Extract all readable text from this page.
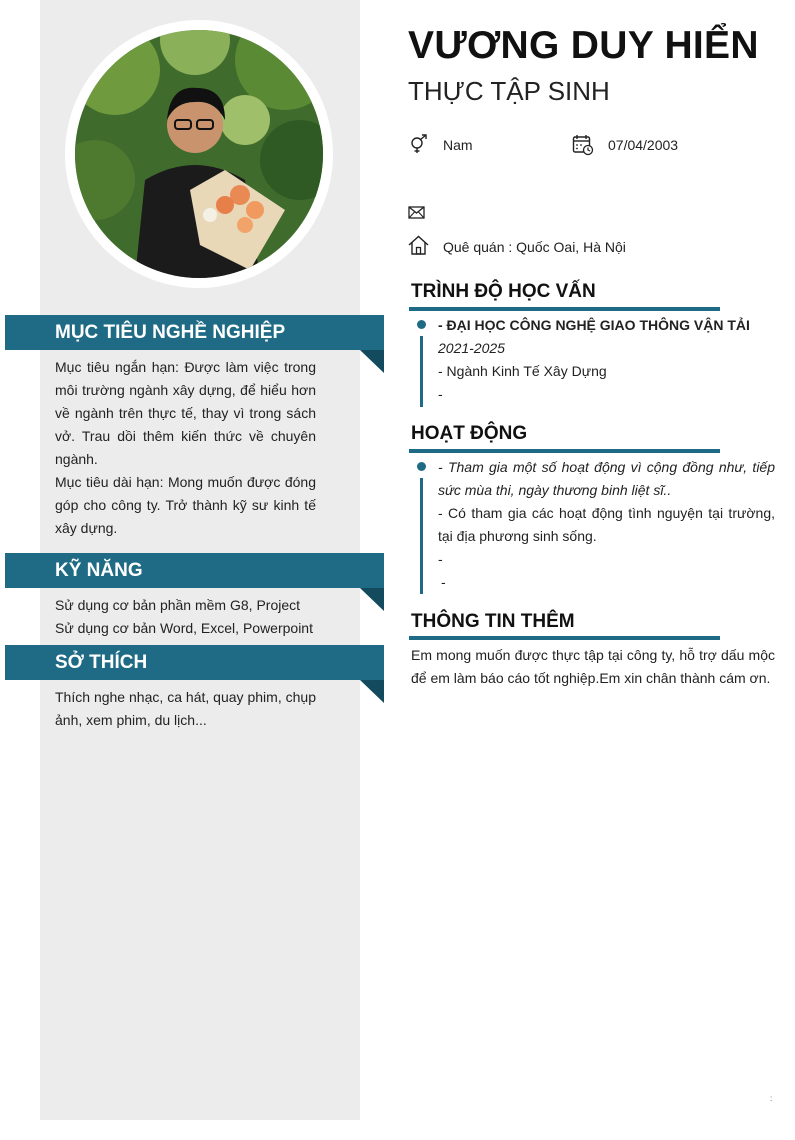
MỤC TIÊU NGHỀ NGHIỆP

Mục tiêu ngắn hạn: Được làm việc trong môi trường ngành xây dựng, để hiểu hơn về ngành trên thực tế, thay vì trong sách vở. Trau dồi thêm kiến thức về chuyên ngành.

Mục tiêu dài hạn: Mong muốn được đóng góp cho công ty. Trở thành kỹ sư kinh tế xây dựng.

KỸ NĂNG

Sử dụng cơ bản phần mềm G8, Project

Sử dụng cơ bản Word, Excel, Powerpoint

SỞ THÍCH

Thích nghe nhạc, ca hát, quay phim, chụp ảnh, xem phim, du lịch...

VƯƠNG DUY HIỂN
THỰC TẬP SINH
Nam	07/04/2003
Quê quán : Quốc Oai, Hà Nội
TRÌNH ĐỘ HỌC VẤN
- ĐẠI HỌC CÔNG NGHỆ GIAO THÔNG VẬN TẢI
2021-2025
- Ngành Kinh Tế Xây Dựng
-
HOẠT ĐỘNG
- Tham gia một số hoạt động vì cộng đồng như, tiếp sức mùa thi, ngày thương binh liệt sĩ..
- Có tham gia các hoạt động tình nguyện tại trường, tại địa phương sinh sống.
-
-
THÔNG TIN THÊM
Em mong muốn được thực tập tại công ty, hỗ trợ dấu mộc để em làm báo cáo tốt nghiệp.Em xin chân thành cám ơn.
:
